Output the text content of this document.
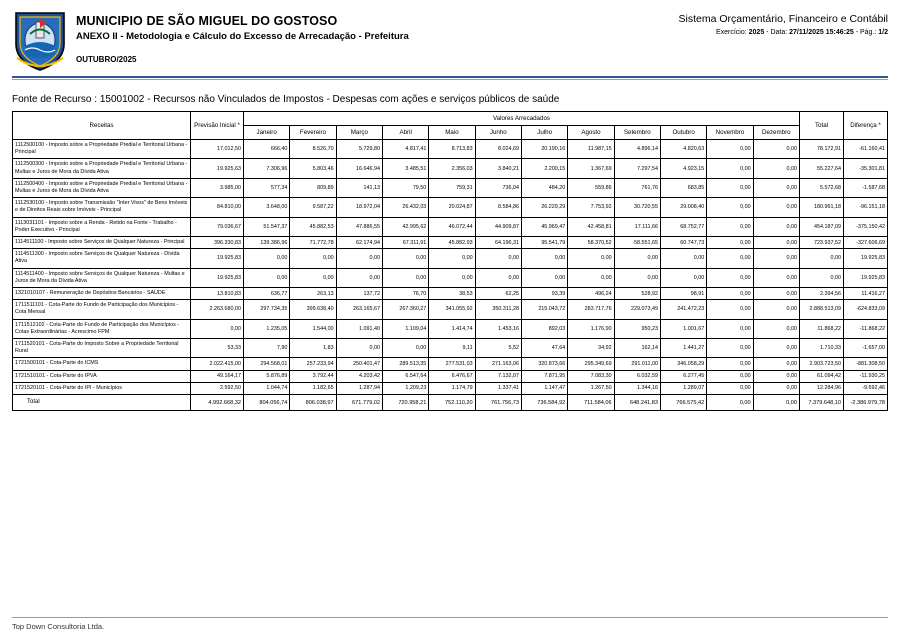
MUNICIPIO DE SÃO MIGUEL DO GOSTOSO
ANEXO II - Metodologia e Cálculo do Excesso de Arrecadação - Prefeitura
OUTUBRO/2025
Sistema Orçamentário, Financeiro e Contábil
Exercício: 2025 - Data: 27/11/2025 15:46:25 - Pág.: 1/2
Fonte de Recurso : 15001002 - Recursos não Vinculados de Impostos - Despesas com ações e serviços públicos de saúde
Receitas	Previsão Inicial *	Valores Arrecadados												Total	Diferença *
		Janeiro	Fevereiro	Março	Abril	Maio	Junho	Julho	Agosto	Setembro	Outubro	Novembro	Dezembro		
1112500100 - Imposto sobre a Propriedade Predial e Territorial Urbana - Principal	17.012,50	666,40	8.526,70	5.729,80	4.817,41	8.713,83	8.024,69	20.190,16	11.987,15	4.896,14	4.820,63	0,00	0,00	78.172,91	-61.160,41
1112500300 - Imposto sobre a Propriedade Predial e Territorial Urbana - Multas e Juros de Mora da Dívida Ativa	19.925,63	7.306,96	5.803,46	16.646,94	3.485,51	2.356,03	3.840,21	2.200,15	1.367,69	7.297,54	4.923,15	0,00	0,00	55.227,64	-35.301,81
1112500400 - Imposto sobre a Propriedade Predial e Territorial Urbana - Multas e Juros de Mora da Dívida Ativa	3.985,00	577,34	809,89	141,13	79,50	759,31	736,04	484,20	559,86	761,76	683,85	0,00	0,00	5.572,68	-1.587,68
1112530100 - Imposto sobre Transmissão "Inter Vivos" de Bens Imóveis e de Direitos Reais sobre Imóveis - Principal	84.810,00	3.648,00	9.587,22	18.972,04	26.432,03	20.024,87	8.584,86	26.229,29	7.753,92	30.720,55	29.008,40	0,00	0,00	180.961,18	-96.151,18
1113031101 - Imposto sobre a Renda - Retido na Fonte - Trabalho - Poder Executivo - Principal	79.036,67	51.547,37	45.882,53	47.886,55	42.995,62	46.072,44	44.909,87	45.969,47	42.458,81	17.111,66	68.752,77	0,00	0,00	454.187,09	-375.150,42
1114511100 - Imposto sobre Serviços de Qualquer Natureza - Principal	396.330,83	139.386,96	71.772,78	62.174,94	67.311,91	45.882,93	64.196,31	95.541,79	58.370,52	58.551,65	60.747,73	0,00	0,00	723.937,52	-327.606,69
1114511300 - Imposto sobre Serviços de Qualquer Natureza - Dívida Ativa	19.925,83	0,00	0,00	0,00	0,00	0,00	0,00	0,00	0,00	0,00	0,00	0,00	0,00	0,00	19.925,83
1114511400 - Imposto sobre Serviços de Qualquer Natureza - Multas e Juros de Mora da Dívida Ativa	19.925,83	0,00	0,00	0,00	0,00	0,00	0,00	0,00	0,00	0,00	0,00	0,00	0,00	0,00	19.925,83
1321010107 - Remuneração de Depósitos Bancários - SAÚDE	13.810,83	636,77	263,13	137,72	76,70	38,53	62,25	93,39	496,24	528,92	98,91	0,00	0,00	2.394,56	11.416,27
1711511101 - Cota-Parte do Fundo de Participação dos Municípios - Cota Mensal	2.263.680,00	297.734,35	399.638,40	263.165,67	267.360,27	341.055,92	350.311,28	215.043,72	283.717,76	229.073,49	241.472,23	0,00	0,00	2.888.513,09	-624.833,09
1711512102 - Cota-Parte do Fundo de Participação dos Municípios - Cotas Extraordinárias - Acrescimo FPM	0,00	1.235,05	1.544,00	1.091,40	1.109,04	1.414,74	1.453,16	892,03	1.176,90	950,23	1.001,67	0,00	0,00	11.868,22	-11.868,22
1711520101 - Cota-Parte do Imposto Sobre a Propriedade Territorial Rural	53,33	7,90	1,83	0,00	0,00	9,11	5,52	47,64	34,92	162,14	1.441,27	0,00	0,00	1.710,33	-1.657,00
1721500101 - Cota-Parte do ICMS	2.022.415,00	294.568,01	257.233,94	250.401,47	289.513,35	277.531,03	271.163,06	320.873,66	295.349,69	291.011,00	346.058,29	0,00	0,00	2.903.723,50	-881.308,50
1721510101 - Cota-Parte do IPVA	49.164,17	5.876,89	3.792,44	4.203,42	6.547,64	6.476,67	7.132,07	7.871,95	7.083,30	6.032,59	6.277,45	0,00	0,00	61.094,42	-11.930,25
1721520101 - Cota-Parte do IPI - Municípios	2.592,50	1.044,74	1.182,65	1.287,94	1.209,23	1.174,79	1.337,41	1.147,47	1.267,50	1.344,16	1.289,07	0,00	0,00	12.284,96	-9.692,46
Total	4.992.668,32	804.056,74	806.038,97	671.779,02	720.958,21	752.110,20	761.756,73	736.584,92	711.584,06	648.241,83	766.575,42	0,00	0,00	7.379.648,10	-2.386.979,78
Top Down Consultoria Ltda.
